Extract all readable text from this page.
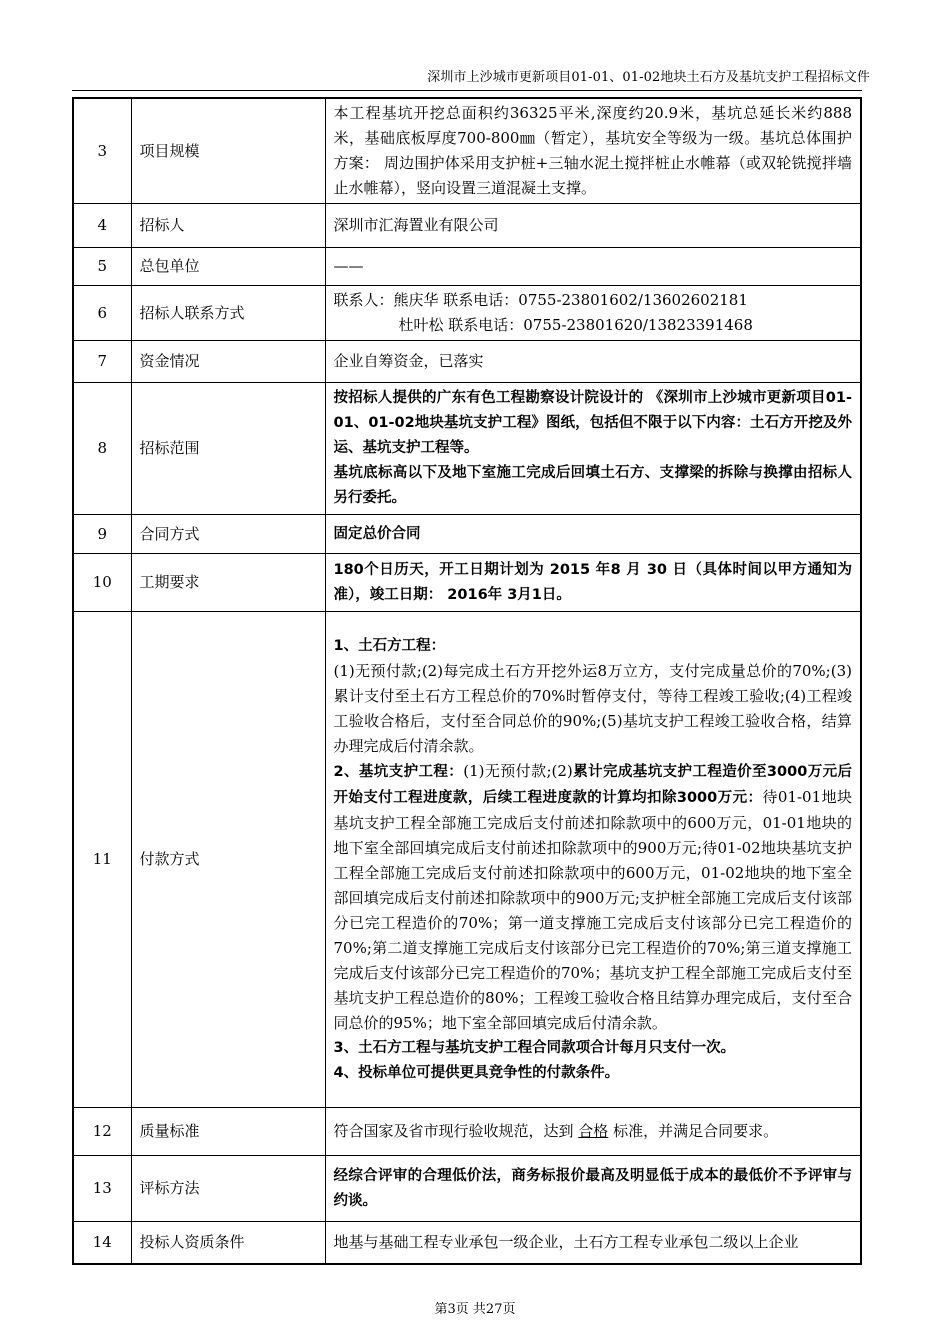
深圳市上沙城市更新项目01-01、01-02地块土石方及基坑支护工程招标文件
3	项目规模	本工程基坑开挖总面积约36325平米,深度约20.9米，基坑总延长米约888米，基础底板厚度700-800㎜（暂定），基坑安全等级为一级。基坑总体围护方案： 周边围护体采用支护桩+三轴水泥土搅拌桩止水帷幕（或双轮铣搅拌墙止水帷幕），竖向设置三道混凝土支撑。
4	招标人	深圳市汇海置业有限公司
5	总包单位	——
6	招标人联系方式	联系人：熊庆华 联系电话：0755-23801602/13602602181
杜叶松 联系电话：0755-23801620/13823391468

7	资金情况	企业自筹资金，已落实
8	招标范围	按招标人提供的广东有色工程勘察设计院设计的 《深圳市上沙城市更新项目01-01、01-02地块基坑支护工程》图纸，包括但不限于以下内容：土石方开挖及外运、基坑支护工程等。
基坑底标高以下及地下室施工完成后回填土石方、支撑梁的拆除与换撑由招标人另行委托。

9	合同方式	固定总价合同
10	工期要求	180个日历天，开工日期计划为 2015 年8 月 30 日（具体时间以甲方通知为准），竣工日期： 2016年 3月1日。
11	付款方式	1、土石方工程：
(1)无预付款;(2)每完成土石方开挖外运8万立方，支付完成量总价的70%;(3)累计支付至土石方工程总价的70%时暂停支付，等待工程竣工验收;(4)工程竣工验收合格后，支付至合同总价的90%;(5)基坑支护工程竣工验收合格，结算办理完成后付清余款。
2、基坑支护工程：(1)无预付款;(2)累计完成基坑支护工程造价至3000万元后开始支付工程进度款，后续工程进度款的计算均扣除3000万元：待01-01地块基坑支护工程全部施工完成后支付前述扣除款项中的600万元，01-01地块的地下室全部回填完成后支付前述扣除款项中的900万元;待01-02地块基坑支护工程全部施工完成后支付前述扣除款项中的600万元，01-02地块的地下室全部回填完成后支付前述扣除款项中的900万元;支护桩全部施工完成后支付该部分已完工程造价的70%；第一道支撑施工完成后支付该部分已完工程造价的70%;第二道支撑施工完成后支付该部分已完工程造价的70%;第三道支撑施工完成后支付该部分已完工程造价的70%；基坑支护工程全部施工完成后支付至基坑支护工程总造价的80%；工程竣工验收合格且结算办理完成后，支付至合同总价的95%；地下室全部回填完成后付清余款。
3、土石方工程与基坑支护工程合同款项合计每月只支付一次。
4、投标单位可提供更具竞争性的付款条件。

12	质量标准	符合国家及省市现行验收规范，达到 合格 标准，并满足合同要求。
13	评标方法	经综合评审的合理低价法，商务标报价最高及明显低于成本的最低价不予评审与约谈。
14	投标人资质条件	地基与基础工程专业承包一级企业，土石方工程专业承包二级以上企业
第3页 共27页
